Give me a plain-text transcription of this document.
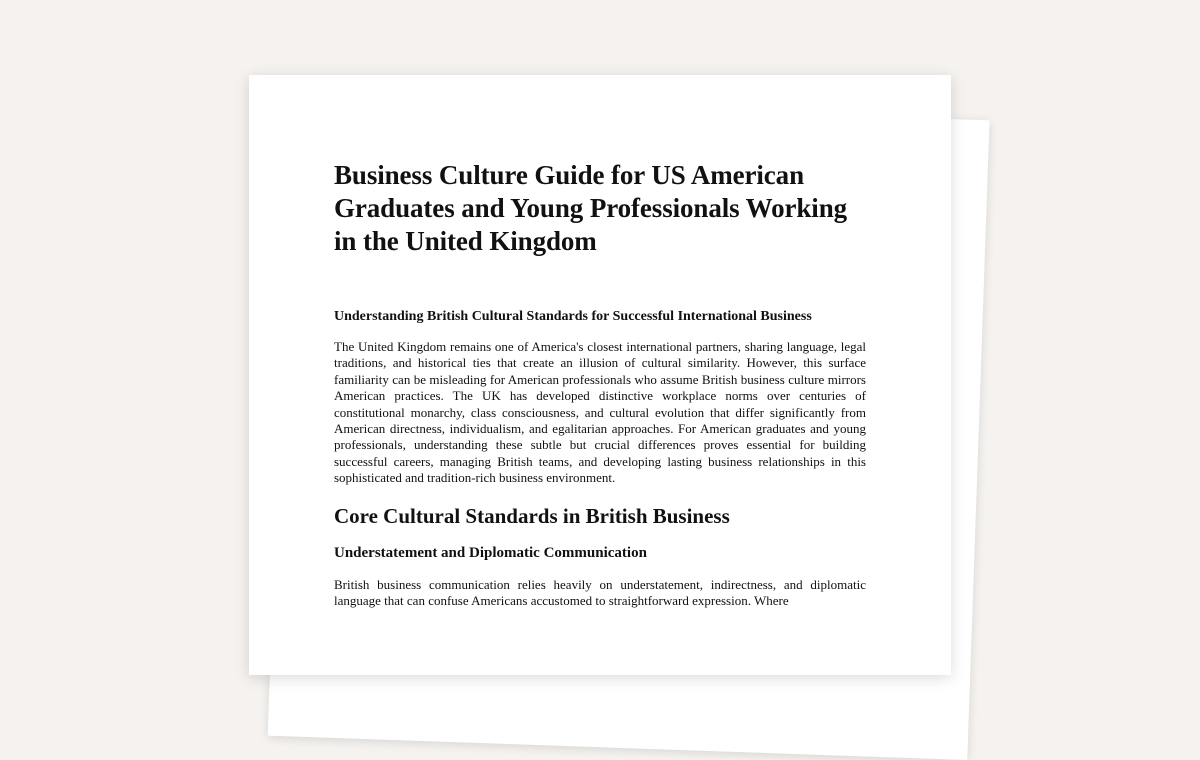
Business Culture Guide for US American Graduates and Young Professionals Working in the United Kingdom
Understanding British Cultural Standards for Successful International Business

The United Kingdom remains one of America's closest international partners, sharing language, legal traditions, and historical ties that create an illusion of cultural similarity. However, this surface familiarity can be misleading for American professionals who assume British business culture mirrors American practices. The UK has developed distinctive workplace norms over centuries of constitutional monarchy, class consciousness, and cultural evolution that differ significantly from American directness, individualism, and egalitarian approaches. For American graduates and young professionals, understanding these subtle but crucial differences proves essential for building successful careers, managing British teams, and developing lasting business relationships in this sophisticated and tradition-rich business environment.

Core Cultural Standards in British Business
Understatement and Diplomatic Communication

British business communication relies heavily on understatement, indirectness, and diplomatic language that can confuse Americans accustomed to straightforward expression. Where
